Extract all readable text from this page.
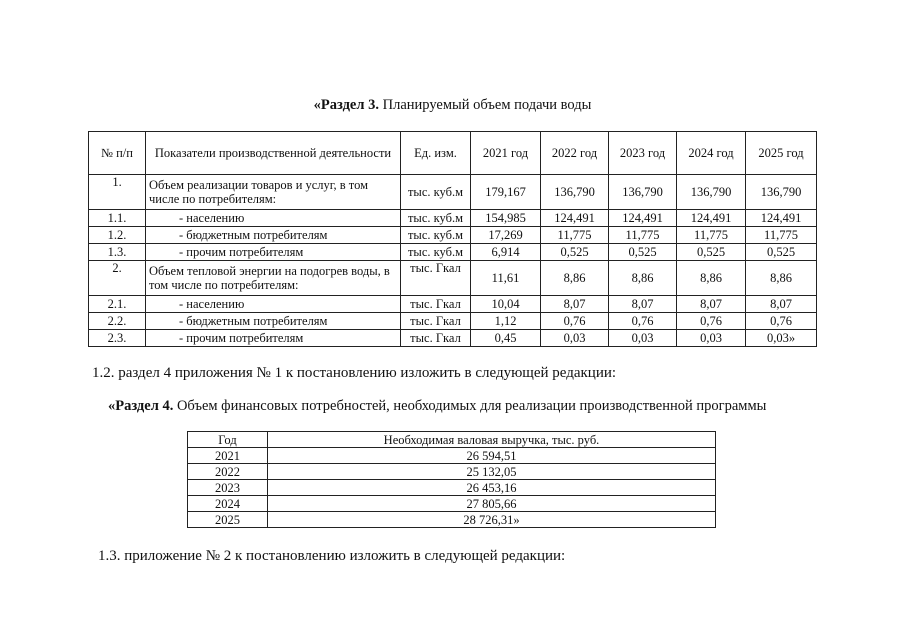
«Раздел 3. Планируемый объем подачи воды
№ п/п	Показатели производственной деятельности	Ед. изм.	2021 год	2022 год	2023 год	2024 год	2025 год
1.	Объем реализации товаров и услуг, в том числе по потребителям:	тыс. куб.м	179,167	136,790	136,790	136,790	136,790
1.1.	- населению	тыс. куб.м	154,985	124,491	124,491	124,491	124,491
1.2.	- бюджетным потребителям	тыс. куб.м	17,269	11,775	11,775	11,775	11,775
1.3.	- прочим потребителям	тыс. куб.м	6,914	0,525	0,525	0,525	0,525
2.	Объем тепловой энергии на подогрев воды, в том числе по потребителям:	тыс. Гкал	11,61	8,86	8,86	8,86	8,86
2.1.	- населению	тыс. Гкал	10,04	8,07	8,07	8,07	8,07
2.2.	- бюджетным потребителям	тыс. Гкал	1,12	0,76	0,76	0,76	0,76
2.3.	- прочим потребителям	тыс. Гкал	0,45	0,03	0,03	0,03	0,03»
1.2. раздел 4 приложения № 1 к постановлению изложить в следующей редакции:
«Раздел 4. Объем финансовых потребностей, необходимых для реализации производственной программы
Год	Необходимая валовая выручка, тыс. руб.
2021	26 594,51
2022	25 132,05
2023	26 453,16
2024	27 805,66
2025	28 726,31»
1.3. приложение № 2 к постановлению изложить в следующей редакции:
